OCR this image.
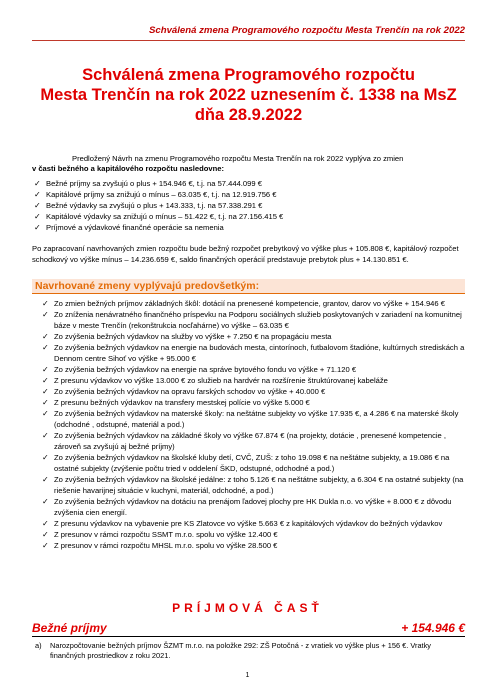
Schválená zmena Programového rozpočtu Mesta Trenčín na rok 2022
Schválená zmena Programového rozpočtu
Mesta Trenčín na rok 2022 uznesením č. 1338 na MsZ
dňa 28.9.2022
Predložený Návrh na zmenu Programového rozpočtu Mesta Trenčín na rok 2022 vyplýva zo zmien
v časti bežného a kapitálového rozpočtu nasledovne:
✓ Bežné príjmy sa zvyšujú o plus + 154.946 €, t.j. na 57.444.099 €
✓ Kapitálové príjmy sa znižujú o mínus – 63.035 €, t.j. na 12.919.756 €
✓ Bežné výdavky sa zvyšujú o plus + 143.333, t.j. na 57.338.291 €
✓ Kapitálové výdavky sa znižujú o mínus – 51.422 €, t.j. na 27.156.415 €
✓ Príjmové a výdavkové finančné operácie sa nemenia
Po zapracovaní navrhovaných zmien rozpočtu bude bežný rozpočet prebytkový vo výške plus + 105.808 €, kapitálový rozpočet schodkový vo výške mínus – 14.236.659 €, saldo finančných operácií predstavuje prebytok plus + 14.130.851 €.
Navrhované zmeny vyplývajú predovšetkým:
✓ Zo zmien bežných príjmov základných škôl: dotácií na prenesené kompetencie, grantov, darov vo výške + 154.946 €
✓ Zo zníženia nenávratného finančného príspevku na Podporu sociálnych služieb poskytovaných v zariadení na komunitnej báze v meste Trenčín (rekonštrukcia nocľahárne) vo výške – 63.035 €
✓ Zo zvýšenia bežných výdavkov na služby vo výške + 7.250 € na propagáciu mesta
✓ Zo zvýšenia bežných výdavkov na energie na budovách mesta, cintorínoch, futbalovom štadióne, kultúrnych strediskách a Dennom centre Sihoť vo výške + 95.000 €
✓ Zo zvýšenia bežných výdavkov na energie na správe bytového fondu vo výške + 71.120 €
✓ Z presunu výdavkov vo výške 13.000 € zo služieb na hardvér na rozšírenie štruktúrovanej kabeláže
✓ Zo zvýšenia bežných výdavkov na opravu farských schodov vo výške + 40.000 €
✓ Z presunu bežných výdavkov na transfery mestskej polície vo výške 5.000 €
✓ Zo zvýšenia bežných výdavkov na materské školy: na neštátne subjekty vo výške 17.935 €, a 4.286 € na materské školy (odchodné , odstupné, materiál a pod.)
✓ Zo zvýšenia bežných výdavkov na základné školy vo výške 67.874 € (na projekty, dotácie , prenesené kompetencie , zároveň sa zvyšujú aj bežné príjmy)
✓ Zo zvýšenia bežných výdavkov na školské kluby detí, CVČ, ZUŠ: z toho 19.098 € na neštátne subjekty, a 19.086 € na ostatné subjekty (zvýšenie počtu tried v oddelení ŠKD, odstupné, odchodné a pod.)
✓ Zo zvýšenia bežných výdavkov na školské jedálne: z toho 5.126 € na neštátne subjekty, a 6.304 € na ostatné subjekty (na riešenie havarijnej situácie v kuchyni, materiál, odchodné, a pod.)
✓ Zo zvýšenia bežných výdavkov na dotáciu na prenájom ľadovej plochy pre HK Dukla n.o. vo výške + 8.000 € z dôvodu zvýšenia cien energií.
✓ Z presunu výdavkov na vybavenie pre KS Zlatovce vo výške 5.663 € z kapitálových výdavkov do bežných výdavkov
✓ Z presunov v rámci rozpočtu SSMT m.r.o. spolu vo výške 12.400 €
✓ Z presunov v rámci rozpočtu MHSL m.r.o. spolu vo výške 28.500 €
PRÍJMOVÁ ČASŤ
Bežné príjmy	+ 154.946 €
a) Narozpočtovanie bežných príjmov ŠZMT m.r.o. na položke 292: ZŠ Potočná - z vratiek vo výške plus + 156 €. Vratky finančných prostriedkov z roku 2021.
1
